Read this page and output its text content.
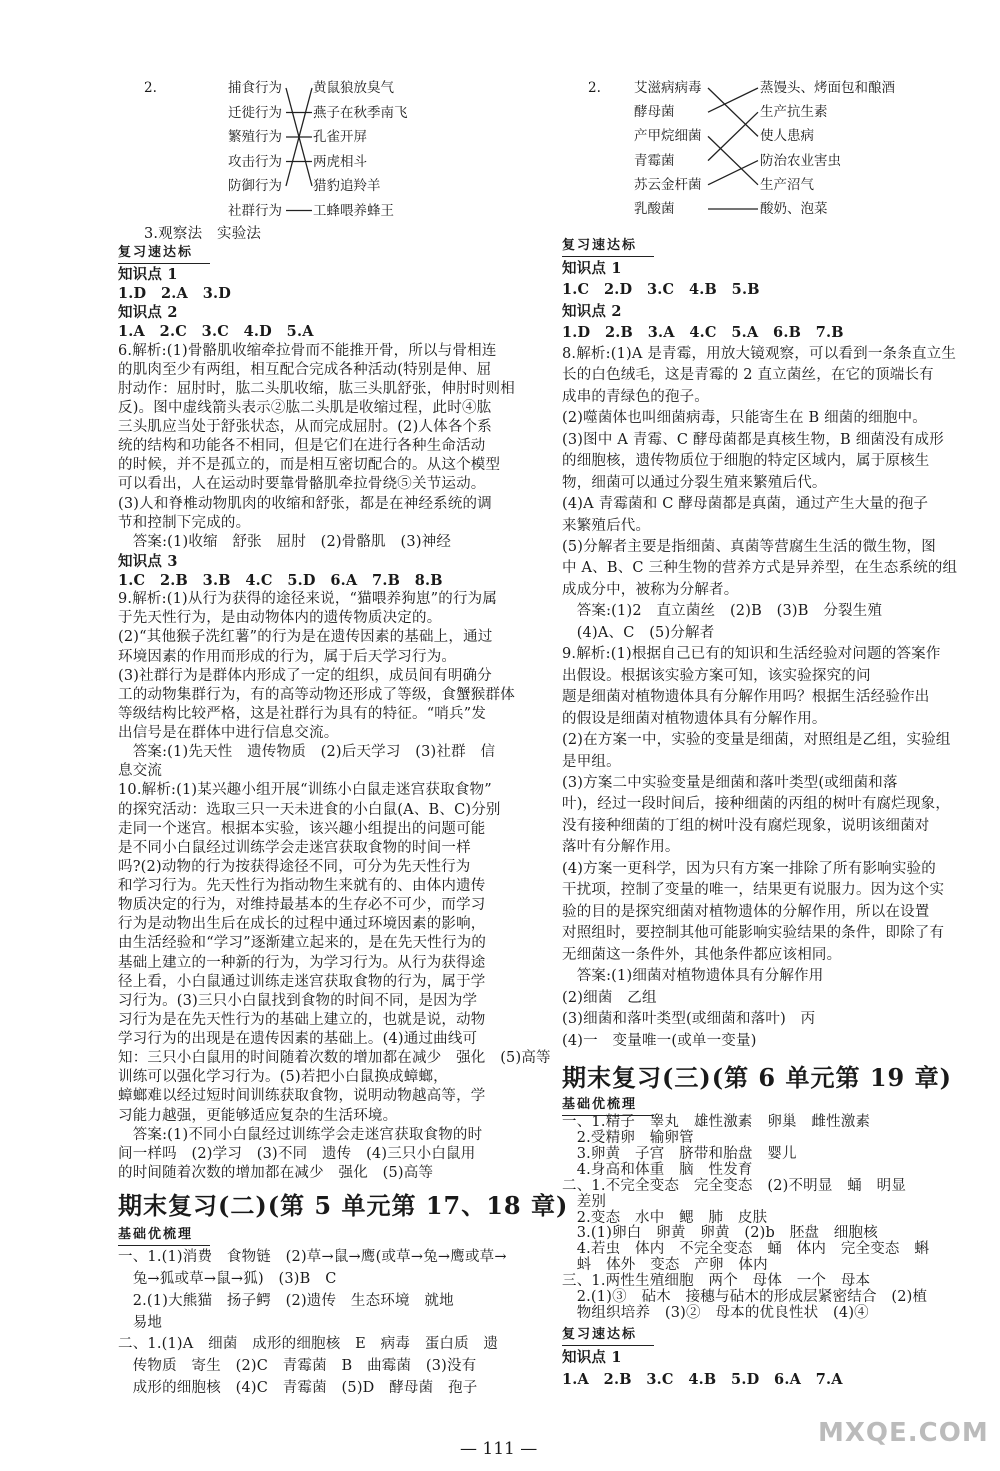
2.	捕食行为
迁徙行为
繁殖行为
攻击行为
防御行为
社群行为
黄鼠狼放臭气
燕子在秋季南飞
孔雀开屏
两虎相斗
猎豹追羚羊
工蜂喂养蜂王
3.观察法　实验法
复习速达标
知识点 1
1.D　2.A　3.D
知识点 2
1.A　2.C　3.C　4.D　5.A
6.解析:(1)骨骼肌收缩牵拉骨而不能推开骨，所以与骨相连
的肌肉至少有两组，相互配合完成各种活动(特别是伸、屈
肘动作：屈肘时，肱二头肌收缩，肱三头肌舒张，伸肘时则相
反)。图中虚线箭头表示②肱二头肌是收缩过程，此时④肱
三头肌应当处于舒张状态，从而完成屈肘。(2)人体各个系
统的结构和功能各不相同，但是它们在进行各种生命活动
的时候，并不是孤立的，而是相互密切配合的。从这个模型
可以看出，人在运动时要靠骨骼肌牵拉骨绕⑤关节运动。
(3)人和脊椎动物肌肉的收缩和舒张，都是在神经系统的调
节和控制下完成的。
　答案:(1)收缩　舒张　屈肘　(2)骨骼肌　(3)神经
知识点 3
1.C　2.B　3.B　4.C　5.D　6.A　7.B　8.B
9.解析:(1)从行为获得的途径来说，“猫喂养狗崽”的行为属
于先天性行为，是由动物体内的遗传物质决定的。
(2)“其他猴子洗红薯”的行为是在遗传因素的基础上，通过
环境因素的作用而形成的行为，属于后天学习行为。
(3)社群行为是群体内形成了一定的组织，成员间有明确分
工的动物集群行为，有的高等动物还形成了等级，食蟹猴群体
等级结构比较严格，这是社群行为具有的特征。“哨兵”发
出信号是在群体中进行信息交流。
　答案:(1)先天性　遗传物质　(2)后天学习　(3)社群　信
息交流
10.解析:(1)某兴趣小组开展“训练小白鼠走迷宫获取食物”
的探究活动：选取三只一天未进食的小白鼠(A、B、C)分别
走同一个迷宫。根据本实验，该兴趣小组提出的问题可能
是不同小白鼠经过训练学会走迷宫获取食物的时间一样
吗?(2)动物的行为按获得途径不同，可分为先天性行为
和学习行为。先天性行为指动物生来就有的、由体内遗传
物质决定的行为，对维持最基本的生存必不可少，而学习
行为是动物出生后在成长的过程中通过环境因素的影响，
由生活经验和“学习”逐渐建立起来的，是在先天性行为的
基础上建立的一种新的行为，为学习行为。从行为获得途
径上看，小白鼠通过训练走迷宫获取食物的行为，属于学
习行为。(3)三只小白鼠找到食物的时间不同，是因为学
习行为是在先天性行为的基础上建立的，也就是说，动物
学习行为的出现是在遗传因素的基础上。(4)通过曲线可
知：三只小白鼠用的时间随着次数的增加都在减少　强化　(5)高等
训练可以强化学习行为。(5)若把小白鼠换成蟑螂，
蟑螂难以经过短时间训练获取食物，说明动物越高等，学
习能力越强，更能够适应复杂的生活环境。
　答案:(1)不同小白鼠经过训练学会走迷宫获取食物的时
间一样吗　(2)学习　(3)不同　遗传　(4)三只小白鼠用
的时间随着次数的增加都在减少　强化　(5)高等
期末复习(二)(第 5 单元第 17、18 章)
基础优梳理
一、1.(1)消费　食物链　(2)草→鼠→鹰(或草→兔→鹰或草→
　兔→狐或草→鼠→狐)　(3)B　C
　2.(1)大熊猫　扬子鳄　(2)遗传　生态环境　就地
　易地
二、1.(1)A　细菌　成形的细胞核　E　病毒　蛋白质　遗
　传物质　寄生　(2)C　青霉菌　B　曲霉菌　(3)没有
　成形的细胞核　(4)C　青霉菌　(5)D　酵母菌　孢子
2. 艾滋病病毒
酵母菌
产甲烷细菌
青霉菌
苏云金杆菌
乳酸菌
蒸馒头、烤面包和酿酒
生产抗生素
使人患病
防治农业害虫
生产沼气
酸奶、泡菜
复习速达标
知识点 1
1.C　2.D　3.C　4.B　5.B
知识点 2
1.D　2.B　3.A　4.C　5.A　6.B　7.B
8.解析:(1)A 是青霉，用放大镜观察，可以看到一条条直立生
长的白色绒毛，这是青霉的 2 直立菌丝，在它的顶端长有
成串的青绿色的孢子。
(2)噬菌体也叫细菌病毒，只能寄生在 B 细菌的细胞中。
(3)图中 A 青霉、C 酵母菌都是真核生物，B 细菌没有成形
的细胞核，遗传物质位于细胞的特定区域内，属于原核生
物，细菌可以通过分裂生殖来繁殖后代。
(4)A 青霉菌和 C 酵母菌都是真菌，通过产生大量的孢子
来繁殖后代。
(5)分解者主要是指细菌、真菌等营腐生生活的微生物，图
中 A、B、C 三种生物的营养方式是异养型，在生态系统的组
成成分中，被称为分解者。
　答案:(1)2　直立菌丝　(2)B　(3)B　分裂生殖
　(4)A、C　(5)分解者
9.解析:(1)根据自己已有的知识和生活经验对问题的答案作
出假设。根据该实验方案可知，该实验探究的问
题是细菌对植物遗体具有分解作用吗？根据生活经验作出
的假设是细菌对植物遗体具有分解作用。
(2)在方案一中，实验的变量是细菌，对照组是乙组，实验组
是甲组。
(3)方案二中实验变量是细菌和落叶类型(或细菌和落
叶)，经过一段时间后，接种细菌的丙组的树叶有腐烂现象，
没有接种细菌的丁组的树叶没有腐烂现象，说明该细菌对
落叶有分解作用。
(4)方案一更科学，因为只有方案一排除了所有影响实验的
干扰项，控制了变量的唯一，结果更有说服力。因为这个实
验的目的是探究细菌对植物遗体的分解作用，所以在设置
对照组时，要控制其他可能影响实验结果的条件，即除了有
无细菌这一条件外，其他条件都应该相同。
　答案:(1)细菌对植物遗体具有分解作用
(2)细菌　乙组
(3)细菌和落叶类型(或细菌和落叶)　丙
(4)一　变量唯一(或单一变量)
期末复习(三)(第 6 单元第 19 章)
基础优梳理
一、1.精子　睾丸　雄性激素　卵巢　雌性激素
　2.受精卵　输卵管
　3.卵黄　子宫　脐带和胎盘　婴儿
　4.身高和体重　脑　性发育
二、1.不完全变态　完全变态　(2)不明显　蛹　明显
　差别
　2.变态　水中　鳃　肺　皮肤
　3.(1)卵白　卵黄　卵黄　(2)b　胚盘　细胞核
　4.若虫　体内　不完全变态　蛹　体内　完全变态　蝌
　蚪　体外　变态　产卵　体内
三、1.两性生殖细胞　两个　母体　一个　母本
　2.(1)③　砧木　接穗与砧木的形成层紧密结合　(2)植
　物组织培养　(3)②　母本的优良性状　(4)④
复习速达标
知识点 1
1.A　2.B　3.C　4.B　5.D　6.A　7.A
— 111 —
MXQE.COM
